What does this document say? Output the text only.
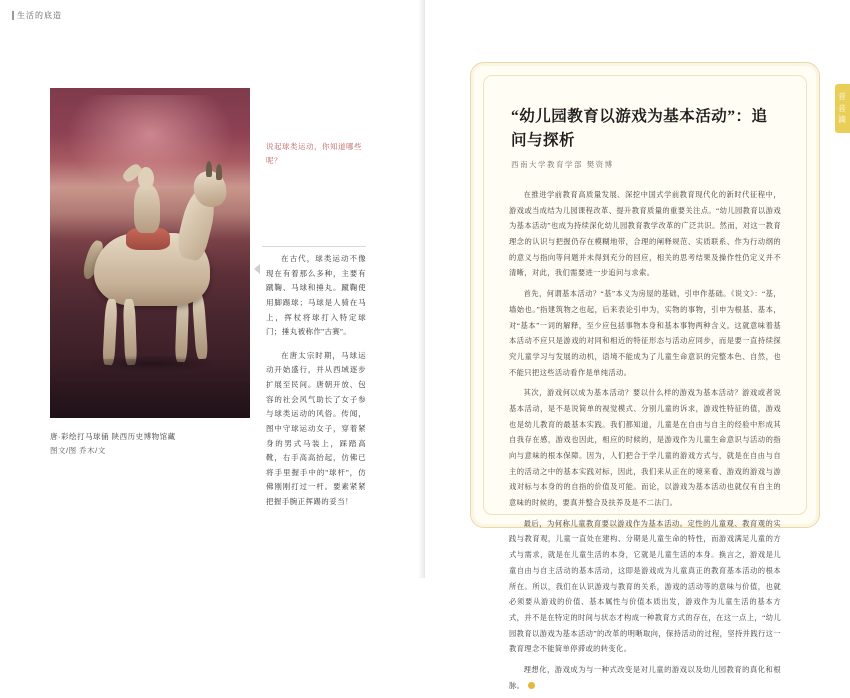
生活的底造
唐·彩绘打马球俑 陕西历史博物馆藏
图文/图 乔木/文
说起球类运动，你知道哪些呢？

在古代，球类运动不像现在有着那么多种，主要有蹴鞠、马球和捶丸。蹴鞠使用脚踢球；马球是人骑在马上，挥杖将球打入特定球门；捶丸被称作"古赛"。

在唐太宗时期，马球运动开始盛行，并从西域逐步扩展至民间。唐朝开放、包容的社会风气助长了女子参与球类运动的风俗。传闻，图中守球运动女子，穿着紧身的男式马装上，踩踏高靴，右手高高抬起，仿佛已将手里握手中的"球杆"，仿佛刚刚打过一杆。要素紧紧把握手腕正挥踢的妥当！

“幼儿园教育以游戏为基本活动”：追问与探析
西南大学教育学部 樊资博

在推进学前教育高质量发展、深挖中国式学前教育现代化的新时代征程中，游戏或当成结为儿园课程改革、提升教育质量的重要关注点。“幼儿园教育以游戏为基本活动”也成为持续深化幼儿园教育教学改革的广泛共识。然而，对这一教育理念的认识与把握仍存在模糊地带，合理的阐释规范、实质联系、作为行动纲的的意义与指向等问题并未得到充分的回应，相关的思考结果及操作性仍定义并不清晰，对此，我们需要进一步追问与求索。

首先，何谓基本活动？“基”本义为房屋的基础，引申作基础。《说文》：“基，墙始也。”指建筑物之也起，后来表论引申为，实物的事物，引申为根基、基本，对“基本”一词的解释，至少应包括事物本身和基本事物两种含义。这就意味着基本活动不应只是游戏的对同和相近的特征形态与活动应同步，而是要一直持续探究儿童学习与发展的动机，语境不能成为了儿童生命意识的完整本色、自然，也不能只把这些活动看作是单纯活动。

其次，游戏何以成为基本活动？要以什么样的游戏为基本活动？游戏或者说基本活动，是不是说简单的视觉模式、分别儿童的诉求，游戏性特征的值，游戏也是幼儿教育的最基本实践。我们都知道，儿童是在自由与自主的经验中形成其自我存在感，游戏也因此，相应的时候的，是游戏作为儿童生命意识与活动的指向与意味的根本保障。因为，人们把合于学儿童的游戏方式与，就是在自由与自主的活动之中的基本实践对标，因此，我们来从正在的境来看、游戏的游戏与游戏对标与本身的的自指的价值及可能。而论，以游戏为基本活动也就仅有自主的意味的时候的，要真并整合及扶养及是不二法门。

最后，为何称儿童教育要以游戏作为基本活动。定性的儿童观、教育观的实践与教育观，儿童一直处在建构、分期是儿童生命的特性，而游戏满足儿童的方式与需求，就是在儿童生活的本身，它就是儿童生活的本身。换言之，游戏是儿童自由与自主活动的基本活动，这即是游戏成为儿童真正的教育基本活动的根本所在。所以，我们在认识游戏与教育的关系，游戏的活动等的意味与价值，也就必须要从游戏的价值、基本属性与价值本质出发，游戏作为儿童生活的基本方式，并不是在特定的时间与状态才构成一种教育方式的存在，在这一点上，“幼儿园教育以游戏为基本活动”的改革的明晰取向，保持活动的过程，坚持并践行这一教育理念不能简单停滞或的转变化。

理想化，游戏成为与一种式改变是对儿童的游戏以及幼儿园教育的真化和根脉。

音
音
滴
